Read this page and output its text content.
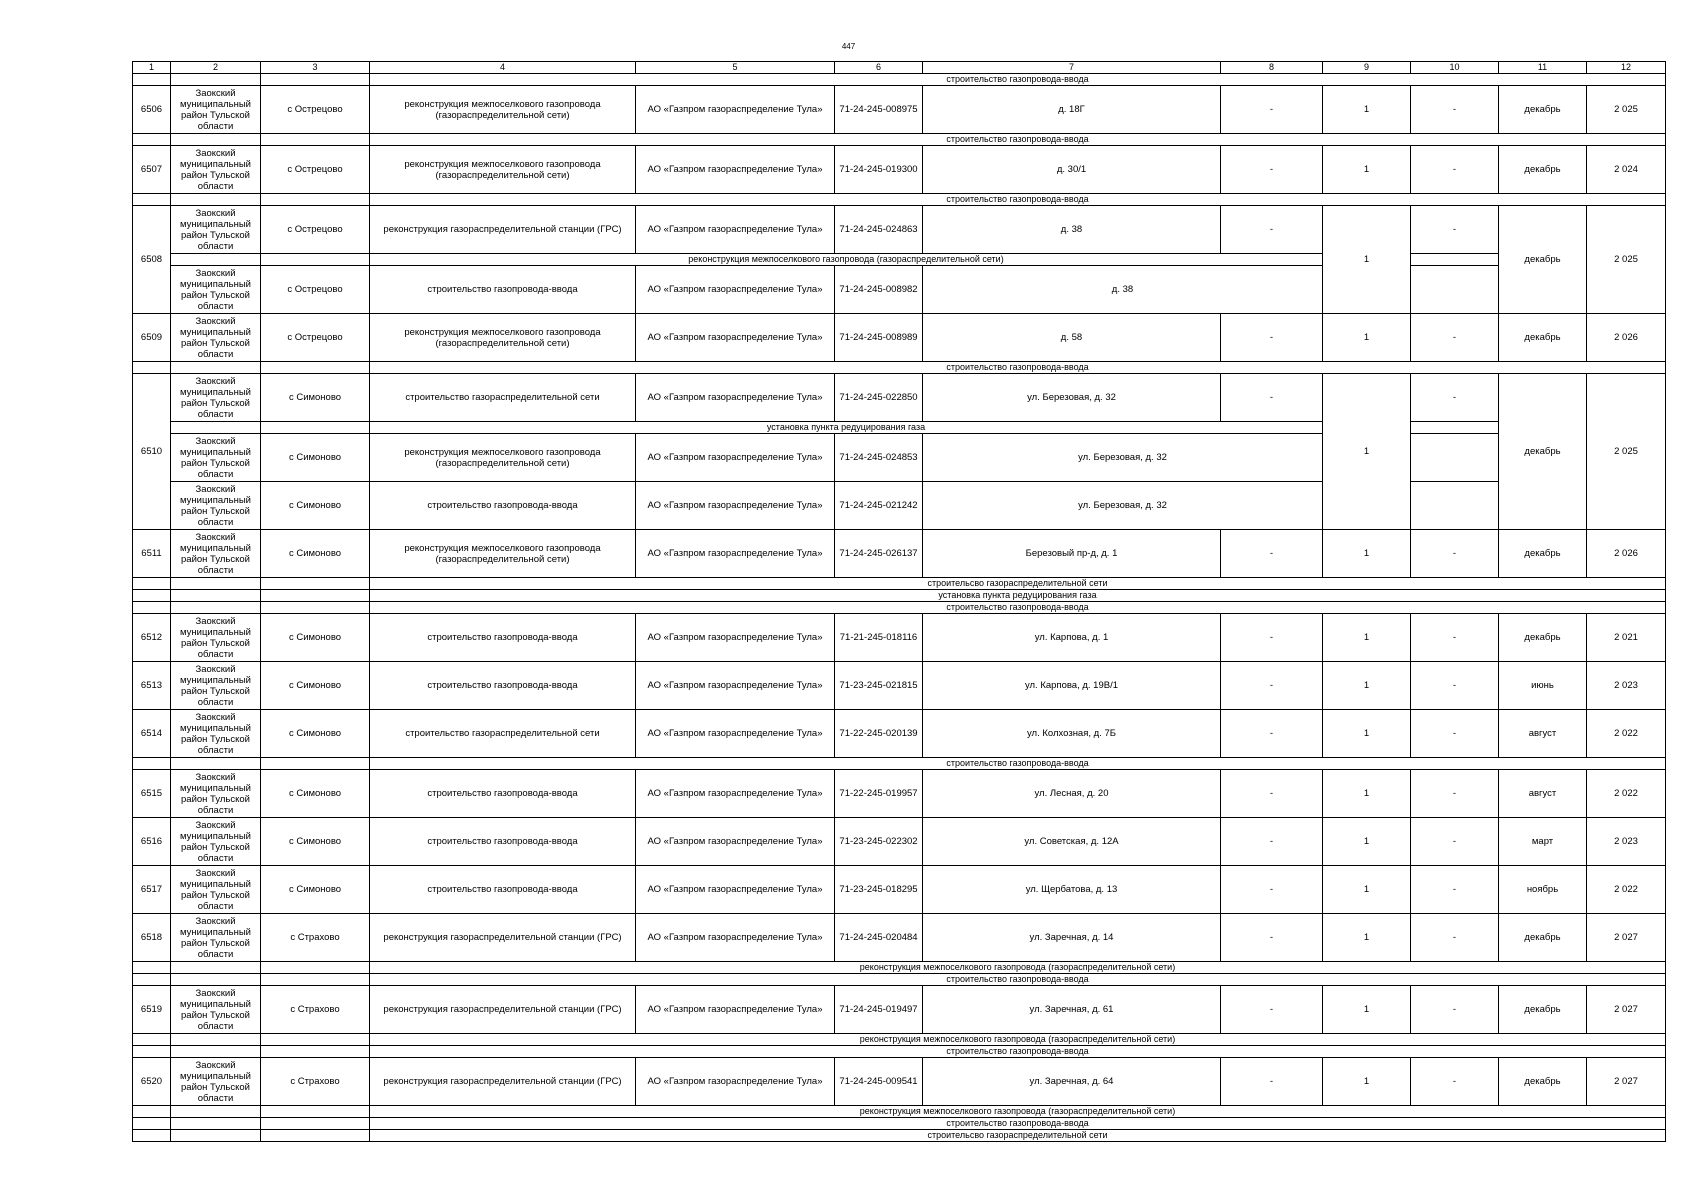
447
1	2	3	4	5	6	7	8	9	10	11	12
			строительство газопровода-ввода								
6506	Заокский муниципальный район Тульской области	с Острецово	реконструкция межпоселкового газопровода (газораспределительной сети)	АО «Газпром газораспределение Тула»	71-24-245-008975	д. 18Г	-	1	-	декабрь	2 025
			строительство газопровода-ввода								
6507	Заокский муниципальный район Тульской области	с Острецово	реконструкция межпоселкового газопровода (газораспределительной сети)	АО «Газпром газораспределение Тула»	71-24-245-019300	д. 30/1	-	1	-	декабрь	2 024
			строительство газопровода-ввода								
6508	Заокский муниципальный район Тульской области	с Острецово	реконструкция газораспределительной станции (ГРС)	АО «Газпром газораспределение Тула»	71-24-245-024863	д. 38	-	1	-	декабрь	2 025
			реконструкция межпоселкового газопровода (газораспределительной сети)								
	Заокский муниципальный район Тульской области	с Острецово	строительство газопровода-ввода	АО «Газпром газораспределение Тула»	71-24-245-008982	д. 38					
6509	Заокский муниципальный район Тульской области	с Острецово	реконструкция межпоселкового газопровода (газораспределительной сети)	АО «Газпром газораспределение Тула»	71-24-245-008989	д. 58	-	1	-	декабрь	2 026
			строительство газопровода-ввода								
6510	Заокский муниципальный район Тульской области	с Симоново	строительство газораспределительной сети	АО «Газпром газораспределение Тула»	71-24-245-022850	ул. Березовая, д. 32	-	1	-	декабрь	2 025
			установка пункта редуцирования газа								
	Заокский муниципальный район Тульской области	с Симоново	реконструкция межпоселкового газопровода (газораспределительной сети)	АО «Газпром газораспределение Тула»	71-24-245-024853	ул. Березовая, д. 32					
	Заокский муниципальный район Тульской области	с Симоново	строительство газопровода-ввода	АО «Газпром газораспределение Тула»	71-24-245-021242	ул. Березовая, д. 32					
6511	Заокский муниципальный район Тульской области	с Симоново	реконструкция межпоселкового газопровода (газораспределительной сети)	АО «Газпром газораспределение Тула»	71-24-245-026137	Березовый пр-д, д. 1	-	1	-	декабрь	2 026
			строительсво газораспределительной сети								
			установка пункта редуцирования газа								
			строительство газопровода-ввода								
6512	Заокский муниципальный район Тульской области	с Симоново	строительство газопровода-ввода	АО «Газпром газораспределение Тула»	71-21-245-018116	ул. Карпова, д. 1	-	1	-	декабрь	2 021
6513	Заокский муниципальный район Тульской области	с Симоново	строительство газопровода-ввода	АО «Газпром газораспределение Тула»	71-23-245-021815	ул. Карпова, д. 19В/1	-	1	-	июнь	2 023
6514	Заокский муниципальный район Тульской области	с Симоново	строительство газораспределительной сети	АО «Газпром газораспределение Тула»	71-22-245-020139	ул. Колхозная, д. 7Б	-	1	-	август	2 022
			строительство газопровода-ввода								
6515	Заокский муниципальный район Тульской области	с Симоново	строительство газопровода-ввода	АО «Газпром газораспределение Тула»	71-22-245-019957	ул. Лесная, д. 20	-	1	-	август	2 022
6516	Заокский муниципальный район Тульской области	с Симоново	строительство газопровода-ввода	АО «Газпром газораспределение Тула»	71-23-245-022302	ул. Советская, д. 12А	-	1	-	март	2 023
6517	Заокский муниципальный район Тульской области	с Симоново	строительство газопровода-ввода	АО «Газпром газораспределение Тула»	71-23-245-018295	ул. Щербатова, д. 13	-	1	-	ноябрь	2 022
6518	Заокский муниципальный район Тульской области	с Страхово	реконструкция газораспределительной станции (ГРС)	АО «Газпром газораспределение Тула»	71-24-245-020484	ул. Заречная, д. 14	-	1	-	декабрь	2 027
			реконструкция межпоселкового газопровода (газораспределительной сети)								
			строительство газопровода-ввода								
6519	Заокский муниципальный район Тульской области	с Страхово	реконструкция газораспределительной станции (ГРС)	АО «Газпром газораспределение Тула»	71-24-245-019497	ул. Заречная, д. 61	-	1	-	декабрь	2 027
			реконструкция межпоселкового газопровода (газораспределительной сети)								
			строительство газопровода-ввода								
6520	Заокский муниципальный район Тульской области	с Страхово	реконструкция газораспределительной станции (ГРС)	АО «Газпром газораспределение Тула»	71-24-245-009541	ул. Заречная, д. 64	-	1	-	декабрь	2 027
			реконструкция межпоселкового газопровода (газораспределительной сети)								
			строительство газопровода-ввода								
			строительсво газораспределительной сети								
